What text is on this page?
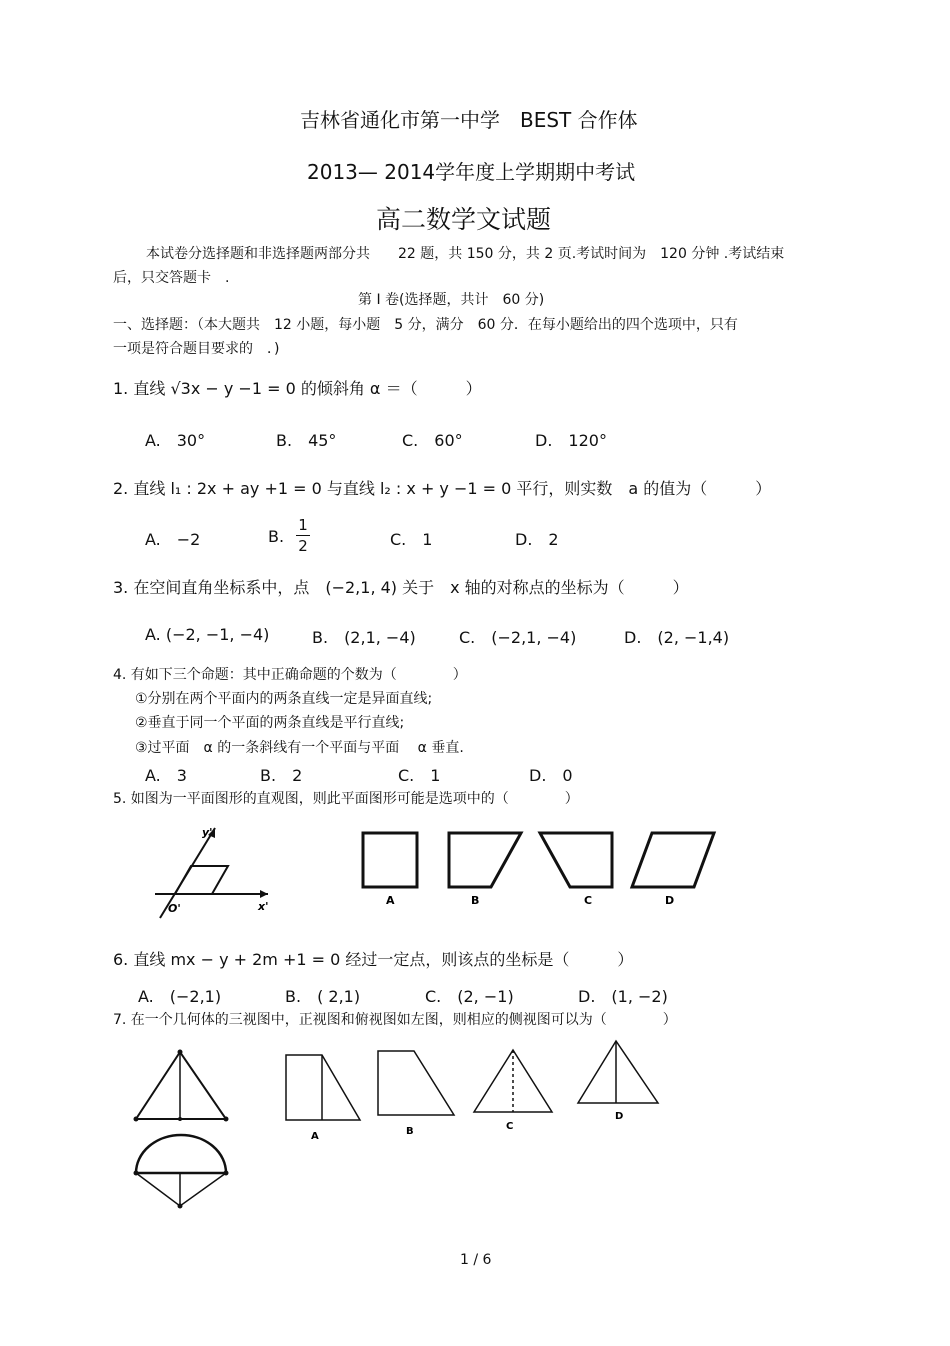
吉林省通化市第一中学　BEST 合作体
2013— 2014学年度上学期期中考试
高二数学文试题
本试卷分选择题和非选择题两部分共　　22 题，共 150 分，共 2 页.考试时间为　120 分钟 .考试结束
后，只交答题卡　.
第 Ⅰ 卷(选择题，共计　60 分)
一、选择题：（本大题共　12 小题，每小题　5 分，满分　60 分．在每小题给出的四个选项中，只有
一项是符合题目要求的　．)
1. 直线 √3x − y −1 = 0 的倾斜角 α ＝（　　　）
A.　30°	B.　45°	C.　60°	D.　120°
2. 直线 l₁ : 2x + ay +1 = 0 与直线 l₂ : x + y −1 = 0 平行，则实数　a 的值为（　　　）
A.　−2	B.
1
2	C.　1	D.　2
3. 在空间直角坐标系中，点　(−2,1, 4) 关于　x 轴的对称点的坐标为（　　　）
A. (−2, −1, −4)	B.　(2,1, −4)	C.　(−2,1, −4)	D.　(2, −1,4)
4. 有如下三个命题：其中正确命题的个数为（　　　　）
①分别在两个平面内的两条直线一定是异面直线;
②垂直于同一个平面的两条直线是平行直线;
③过平面　α 的一条斜线有一个平面与平面　 α 垂直.
A.　3	B.　2	C.　1	D.　0
5. 如图为一平面图形的直观图，则此平面图形可能是选项中的（　　　　）
y'
O'	x'	A	B	C	D
6. 直线 mx − y + 2m +1 = 0 经过一定点，则该点的坐标是（　　　）
A.　(−2,1)	B.　( 2,1)	C.　(2, −1)	D.　(1, −2)
7. 在一个几何体的三视图中，正视图和俯视图如左图，则相应的侧视图可以为（　　　　）
A	B	C
D
1 / 6
